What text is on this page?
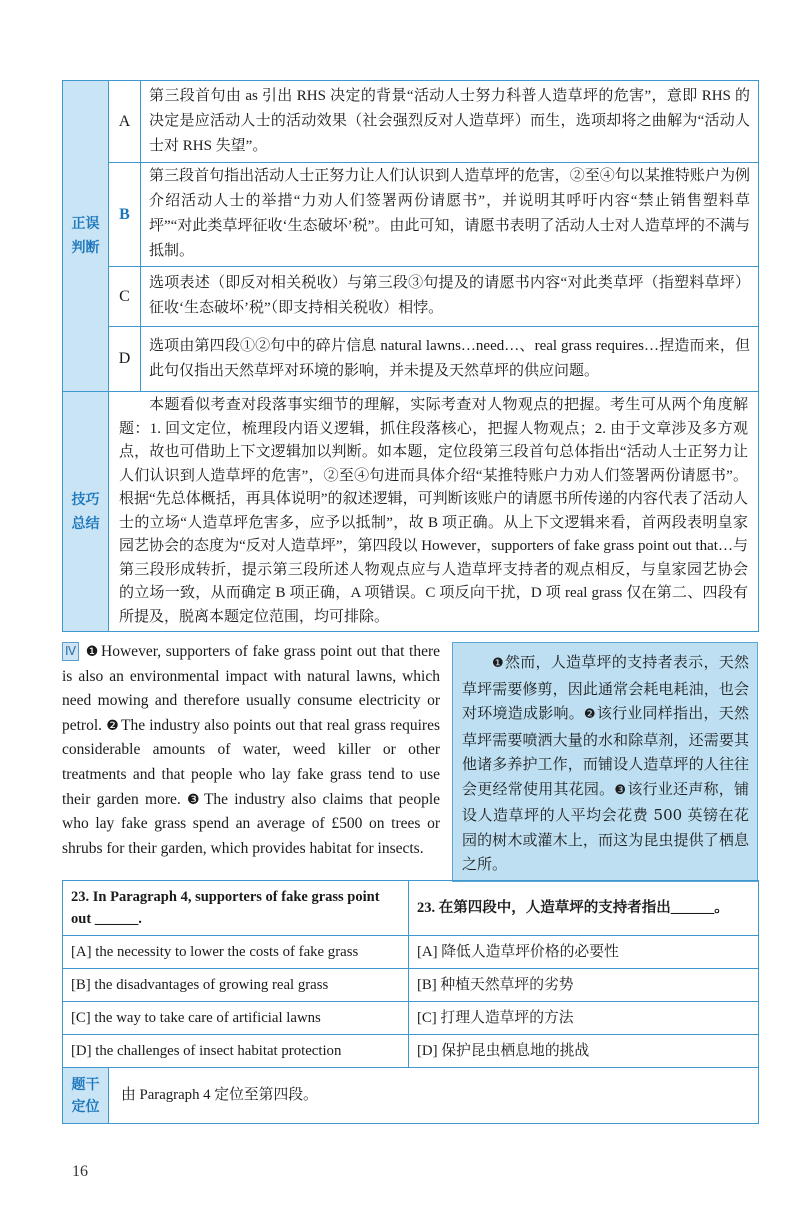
正误
判断	A	第三段首句由 as 引出 RHS 决定的背景“活动人士努力科普人造草坪的危害”，意即 RHS 的决定是应活动人士的活动效果（社会强烈反对人造草坪）而生，选项却将之曲解为“活动人士对 RHS 失望”。
	B	第三段首句指出活动人士正努力让人们认识到人造草坪的危害，②至④句以某推特账户为例介绍活动人士的举措“力劝人们签署两份请愿书”，并说明其呼吁内容“禁止销售塑料草坪”“对此类草坪征收‘生态破坏’税”。由此可知，请愿书表明了活动人士对人造草坪的不满与抵制。
	C	选项表述（即反对相关税收）与第三段③句提及的请愿书内容“对此类草坪（指塑料草坪）征收‘生态破坏’税”（即支持相关税收）相悖。
	D	选项由第四段①②句中的碎片信息 natural lawns…need…、real grass requires…捏造而来，但此句仅指出天然草坪对环境的影响，并未提及天然草坪的供应问题。
技巧
总结	本题看似考查对段落事实细节的理解，实际考查对人物观点的把握。考生可从两个角度解题：1. 回文定位，梳理段内语义逻辑，抓住段落核心，把握人物观点；2. 由于文章涉及多方观点，故也可借助上下文逻辑加以判断。如本题，定位段第三段首句总体指出“活动人士正努力让人们认识到人造草坪的危害”，②至④句进而具体介绍“某推特账户力劝人们签署两份请愿书”。根据“先总体概括，再具体说明”的叙述逻辑，可判断该账户的请愿书所传递的内容代表了活动人士的立场“人造草坪危害多，应予以抵制”，故 B 项正确。从上下文逻辑来看，首两段表明皇家园艺协会的态度为“反对人造草坪”，第四段以 However，supporters of fake grass point out that…与第三段形成转折，提示第三段所述人物观点应与人造草坪支持者的观点相反，与皇家园艺协会的立场一致，从而确定 B 项正确，A 项错误。C 项反向干扰，D 项 real grass 仅在第二、四段有所提及，脱离本题定位范围，均可排除。	
Ⅳ ❶ However, supporters of fake grass point out that there is also an environmental impact with natural lawns, which need mowing and therefore usually consume electricity or petrol. ❷ The industry also points out that real grass requires considerable amounts of water, weed killer or other treatments and that people who lay fake grass tend to use their garden more. ❸ The industry also claims that people who lay fake grass spend an average of £500 on trees or shrubs for their garden, which provides habitat for insects.
❶然而，人造草坪的支持者表示，天然草坪需要修剪，因此通常会耗电耗油，也会对环境造成影响。❷该行业同样指出，天然草坪需要喷洒大量的水和除草剂，还需要其他诸多养护工作，而铺设人造草坪的人往往会更经常使用其花园。❸该行业还声称，铺设人造草坪的人平均会花费 500 英镑在花园的树木或灌木上，而这为昆虫提供了栖息之所。
23. In Paragraph 4, supporters of fake grass point out ______.		23. 在第四段中，人造草坪的支持者指出______。
[A] the necessity to lower the costs of fake grass		[A] 降低人造草坪价格的必要性
[B] the disadvantages of growing real grass		[B] 种植天然草坪的劣势
[C] the way to take care of artificial lawns		[C] 打理人造草坪的方法
[D] the challenges of insect habitat protection		[D] 保护昆虫栖息地的挑战
题干
定位	由 Paragraph 4 定位至第四段。	
16
